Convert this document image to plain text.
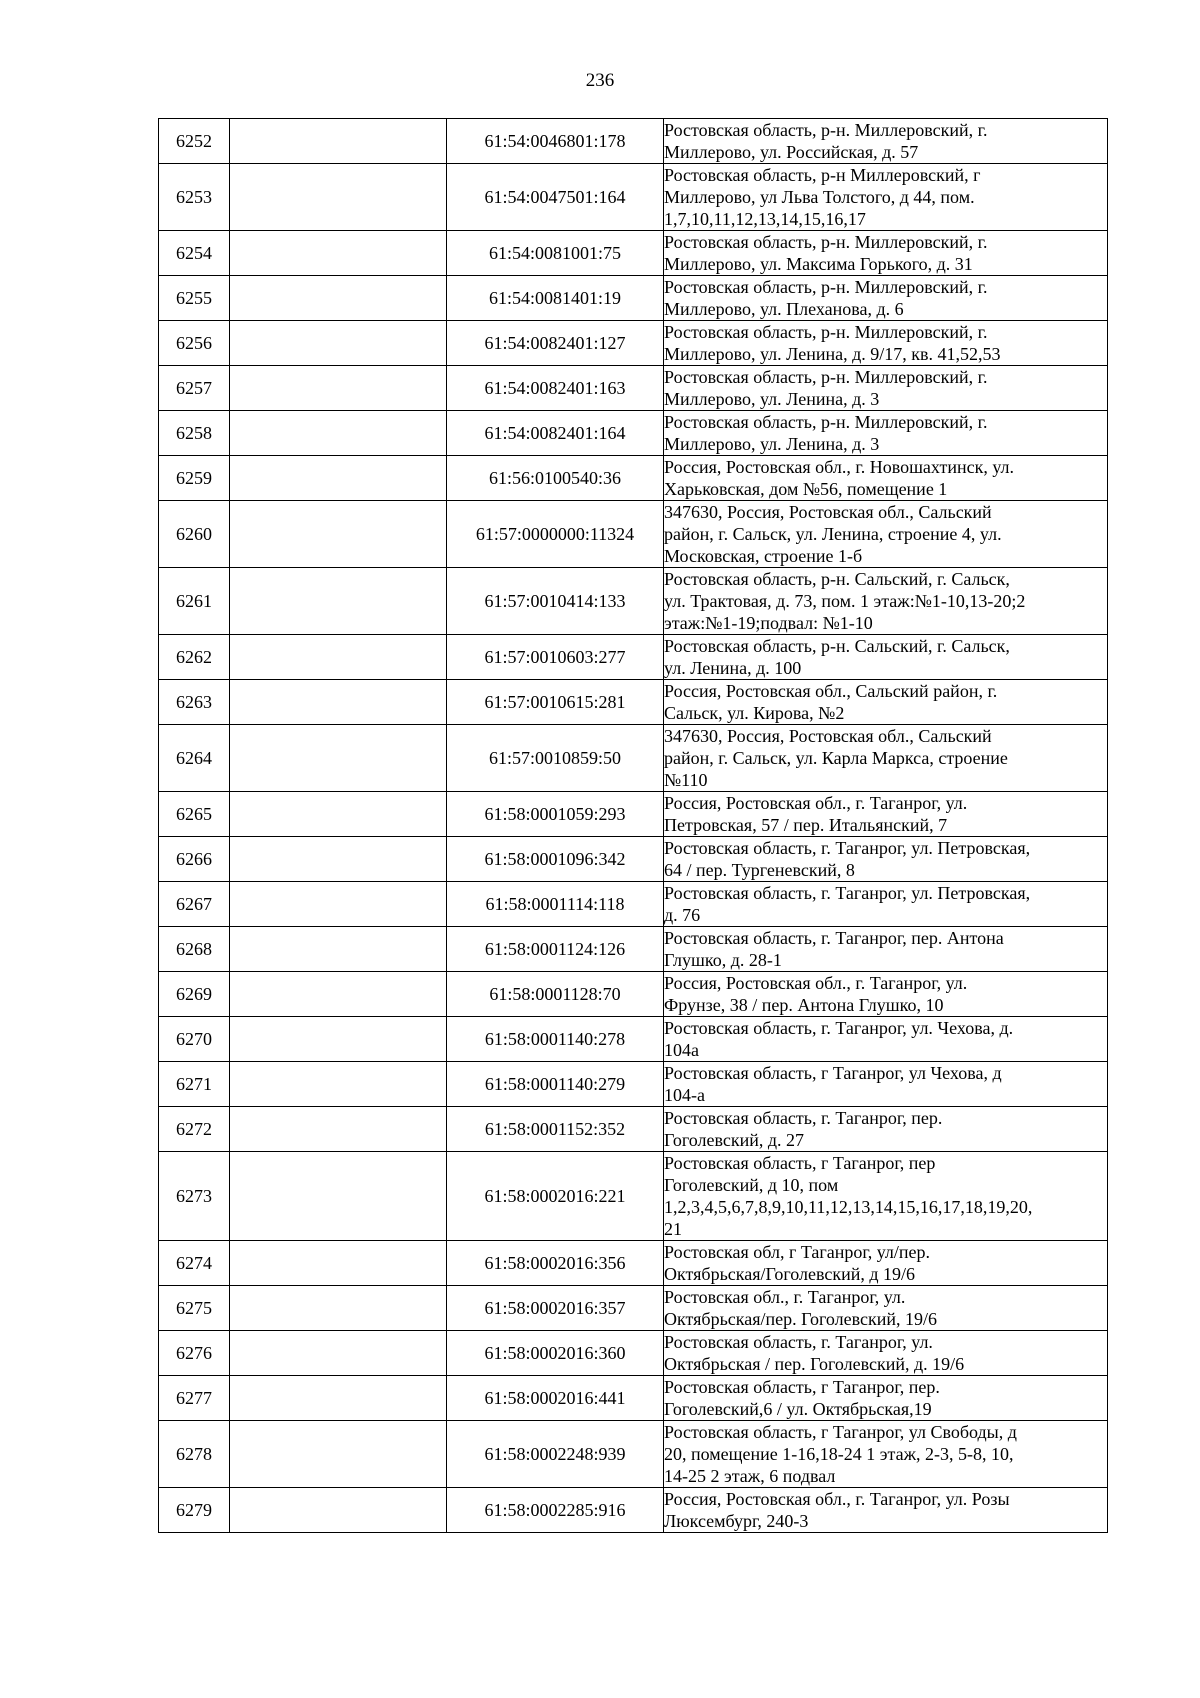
236
6252		61:54:0046801:178	Ростовская область, р-н. Миллеровский, г.
Миллерово, ул. Российская, д. 57

6253		61:54:0047501:164	Ростовская область, р-н Миллеровский, г
Миллерово, ул Льва Толстого, д 44, пом.
1,7,10,11,12,13,14,15,16,17

6254		61:54:0081001:75	Ростовская область, р-н. Миллеровский, г.
Миллерово, ул. Максима Горького, д. 31

6255		61:54:0081401:19	Ростовская область, р-н. Миллеровский, г.
Миллерово, ул. Плеханова, д. 6

6256		61:54:0082401:127	Ростовская область, р-н. Миллеровский, г.
Миллерово, ул. Ленина, д. 9/17, кв. 41,52,53

6257		61:54:0082401:163	Ростовская область, р-н. Миллеровский, г.
Миллерово, ул. Ленина, д. 3

6258		61:54:0082401:164	Ростовская область, р-н. Миллеровский, г.
Миллерово, ул. Ленина, д. 3

6259		61:56:0100540:36	Россия, Ростовская обл., г. Новошахтинск, ул.
Харьковская, дом №56, помещение 1

6260		61:57:0000000:11324	347630, Россия, Ростовская обл., Сальский
район, г. Сальск, ул. Ленина, строение 4, ул.
Московская, строение 1-б

6261		61:57:0010414:133	Ростовская область, р-н. Сальский, г. Сальск,
ул. Трактовая, д. 73, пом. 1 этаж:№1-10,13-20;2
этаж:№1-19;подвал: №1-10

6262		61:57:0010603:277	Ростовская область, р-н. Сальский, г. Сальск,
ул. Ленина, д. 100

6263		61:57:0010615:281	Россия, Ростовская обл., Сальский район, г.
Сальск, ул. Кирова, №2

6264		61:57:0010859:50	347630, Россия, Ростовская обл., Сальский
район, г. Сальск, ул. Карла Маркса, строение
№110

6265		61:58:0001059:293	Россия, Ростовская обл., г. Таганрог, ул.
Петровская, 57 / пер. Итальянский, 7

6266		61:58:0001096:342	Ростовская область, г. Таганрог, ул. Петровская,
64 / пер. Тургеневский, 8

6267		61:58:0001114:118	Ростовская область, г. Таганрог, ул. Петровская,
д. 76

6268		61:58:0001124:126	Ростовская область, г. Таганрог, пер. Антона
Глушко, д. 28-1

6269		61:58:0001128:70	Россия, Ростовская обл., г. Таганрог, ул.
Фрунзе, 38 / пер. Антона Глушко, 10

6270		61:58:0001140:278	Ростовская область, г. Таганрог, ул. Чехова, д.
104а

6271		61:58:0001140:279	Ростовская область, г Таганрог, ул Чехова, д
104-а

6272		61:58:0001152:352	Ростовская область, г. Таганрог, пер.
Гоголевский, д. 27

6273		61:58:0002016:221	Ростовская область, г Таганрог, пер
Гоголевский, д 10, пом
1,2,3,4,5,6,7,8,9,10,11,12,13,14,15,16,17,18,19,20,
21

6274		61:58:0002016:356	Ростовская обл, г Таганрог, ул/пер.
Октябрьская/Гоголевский, д 19/6

6275		61:58:0002016:357	Ростовская обл., г. Таганрог, ул.
Октябрьская/пер. Гоголевский, 19/6

6276		61:58:0002016:360	Ростовская область, г. Таганрог, ул.
Октябрьская / пер. Гоголевский, д. 19/6

6277		61:58:0002016:441	Ростовская область, г Таганрог, пер.
Гоголевский,6 / ул. Октябрьская,19

6278		61:58:0002248:939	Ростовская область, г Таганрог, ул Свободы, д
20, помещение 1-16,18-24 1 этаж, 2-3, 5-8, 10,
14-25 2 этаж, 6 подвал

6279		61:58:0002285:916	Россия, Ростовская обл., г. Таганрог, ул. Розы
Люксембург, 240-3
